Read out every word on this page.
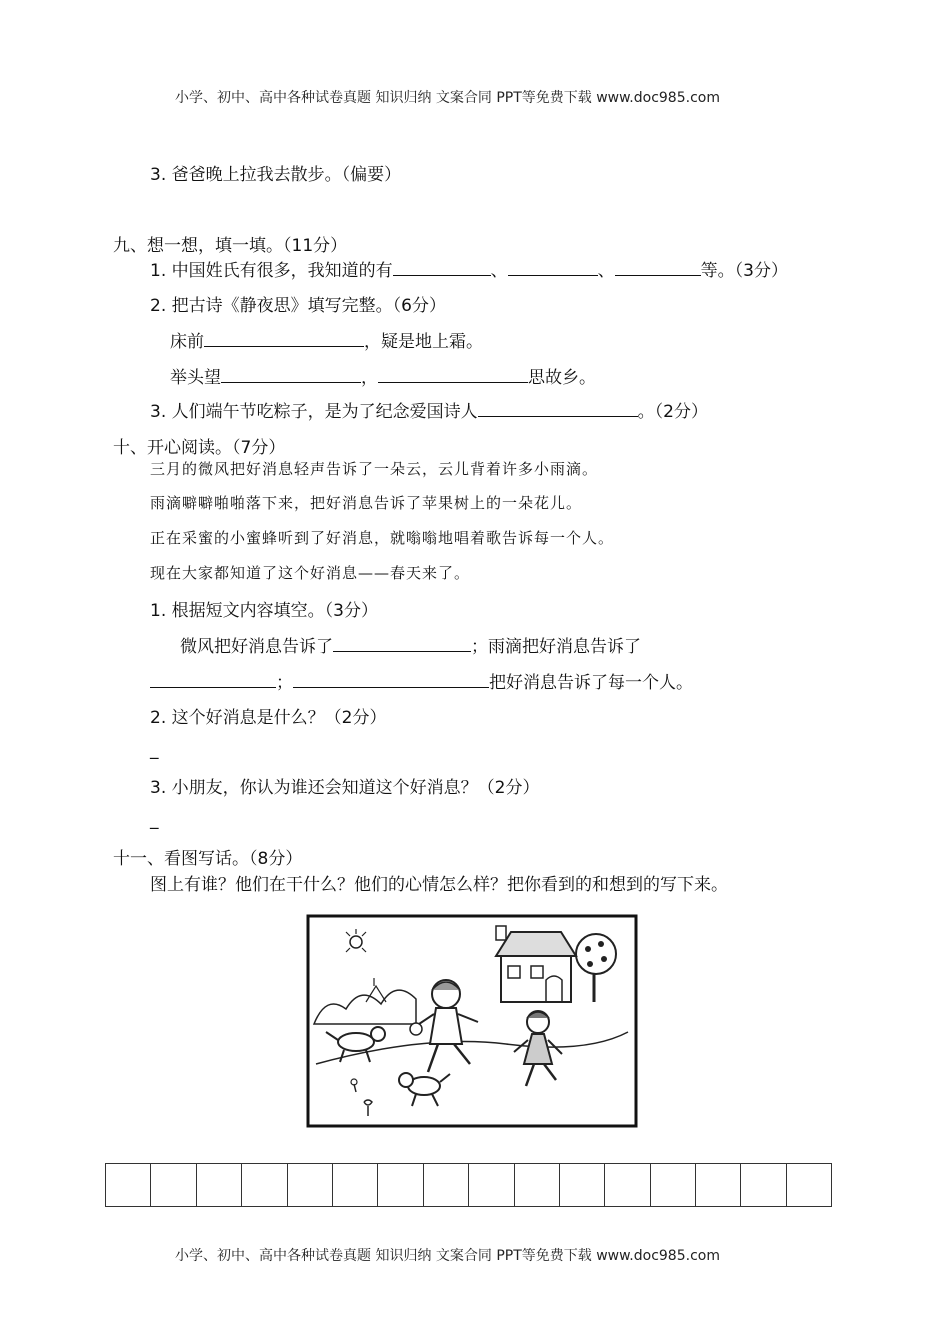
小学、初中、高中各种试卷真题 知识归纳 文案合同 PPT等免费下载 www.doc985.com
3. 爸爸晚上拉我去散步。（偏要）
九、想一想，填一填。（11分）
1. 中国姓氏有很多，我知道的有	、	、	等。（3分）
2. 把古诗《静夜思》填写完整。（6分）
床前	，疑是地上霜。
举头望	，	思故乡。
3. 人们端午节吃粽子，是为了纪念爱国诗人	。（2分）
十、开心阅读。（7分）
三月的微风把好消息轻声告诉了一朵云，云儿背着许多小雨滴。
雨滴噼噼啪啪落下来，把好消息告诉了苹果树上的一朵花儿。
正在采蜜的小蜜蜂听到了好消息，就嗡嗡地唱着歌告诉每一个人。
现在大家都知道了这个好消息——春天来了。
1. 根据短文内容填空。（3分）
微风把好消息告诉了	；雨滴把好消息告诉了
；	把好消息告诉了每一个人。
2. 这个好消息是什么？（2分）
_
3. 小朋友，你认为谁还会知道这个好消息？（2分）
_
十一、看图写话。（8分）
图上有谁？他们在干什么？他们的心情怎么样？把你看到的和想到的写下来。
小学、初中、高中各种试卷真题 知识归纳 文案合同 PPT等免费下载 www.doc985.com
